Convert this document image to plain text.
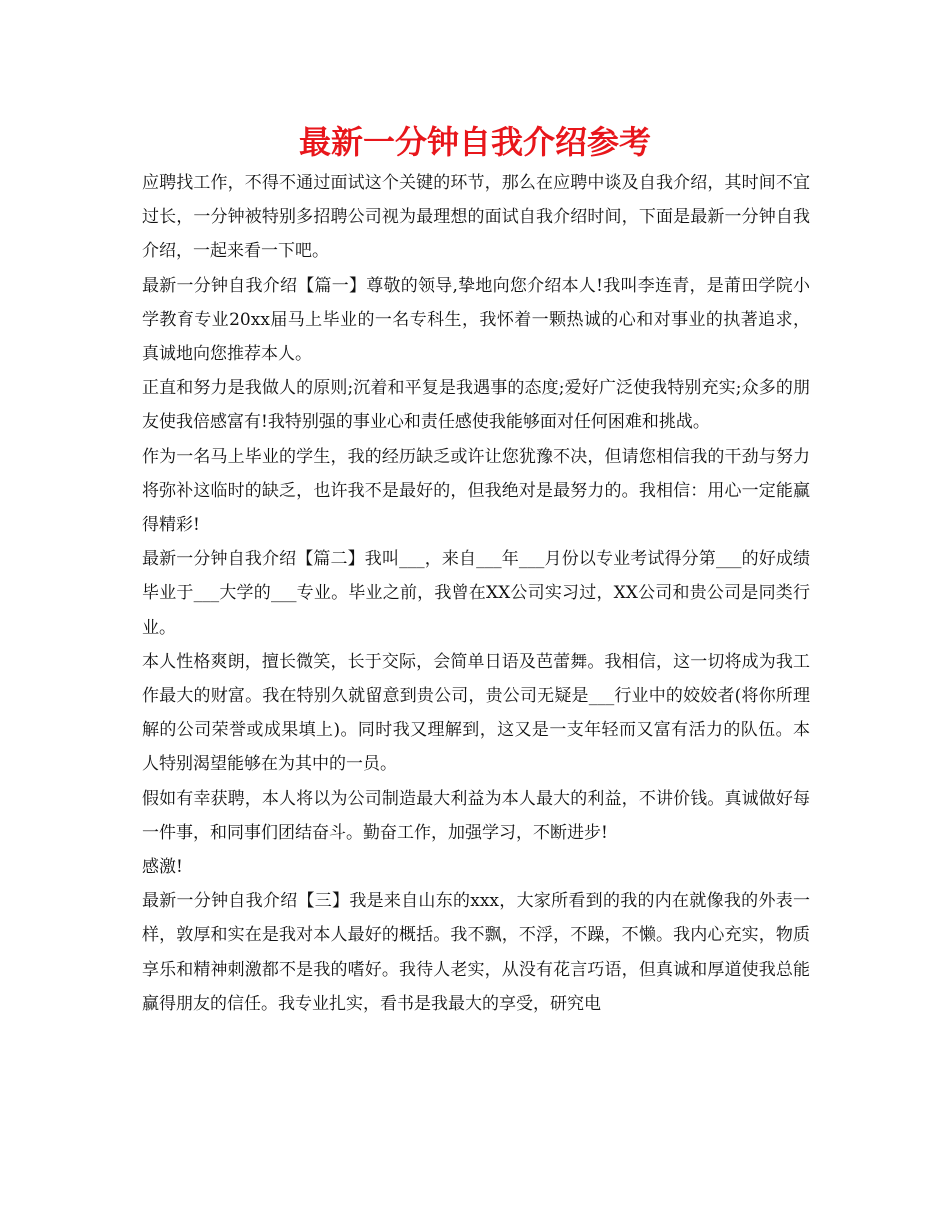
最新一分钟自我介绍参考

应聘找工作，不得不通过面试这个关键的环节，那么在应聘中谈及自我介绍，其时间不宜过长，一分钟被特别多招聘公司视为最理想的面试自我介绍时间，下面是最新一分钟自我介绍，一起来看一下吧。

最新一分钟自我介绍【篇一】尊敬的领导,挚地向您介绍本人!我叫李连青，是莆田学院小学教育专业20xx届马上毕业的一名专科生，我怀着一颗热诚的心和对事业的执著追求，真诚地向您推荐本人。

正直和努力是我做人的原则;沉着和平复是我遇事的态度;爱好广泛使我特别充实;众多的朋友使我倍感富有!我特别强的事业心和责任感使我能够面对任何困难和挑战。

作为一名马上毕业的学生，我的经历缺乏或许让您犹豫不决，但请您相信我的干劲与努力将弥补这临时的缺乏，也许我不是最好的，但我绝对是最努力的。我相信：用心一定能赢得精彩!

最新一分钟自我介绍【篇二】我叫___，来自___年___月份以专业考试得分第___的好成绩毕业于___大学的___专业。毕业之前，我曾在XX公司实习过，XX公司和贵公司是同类行业。

本人性格爽朗，擅长微笑，长于交际，会简单日语及芭蕾舞。我相信，这一切将成为我工作最大的财富。我在特别久就留意到贵公司，贵公司无疑是___行业中的姣姣者(将你所理解的公司荣誉或成果填上)。同时我又理解到，这又是一支年轻而又富有活力的队伍。本人特别渴望能够在为其中的一员。

假如有幸获聘，本人将以为公司制造最大利益为本人最大的利益，不讲价钱。真诚做好每一件事，和同事们团结奋斗。勤奋工作，加强学习，不断进步!

感激!

最新一分钟自我介绍【三】我是来自山东的xxx，大家所看到的我的内在就像我的外表一样，敦厚和实在是我对本人最好的概括。我不飘，不浮，不躁，不懒。我内心充实，物质享乐和精神刺激都不是我的嗜好。我待人老实，从没有花言巧语，但真诚和厚道使我总能赢得朋友的信任。我专业扎实，看书是我最大的享受，研究电
